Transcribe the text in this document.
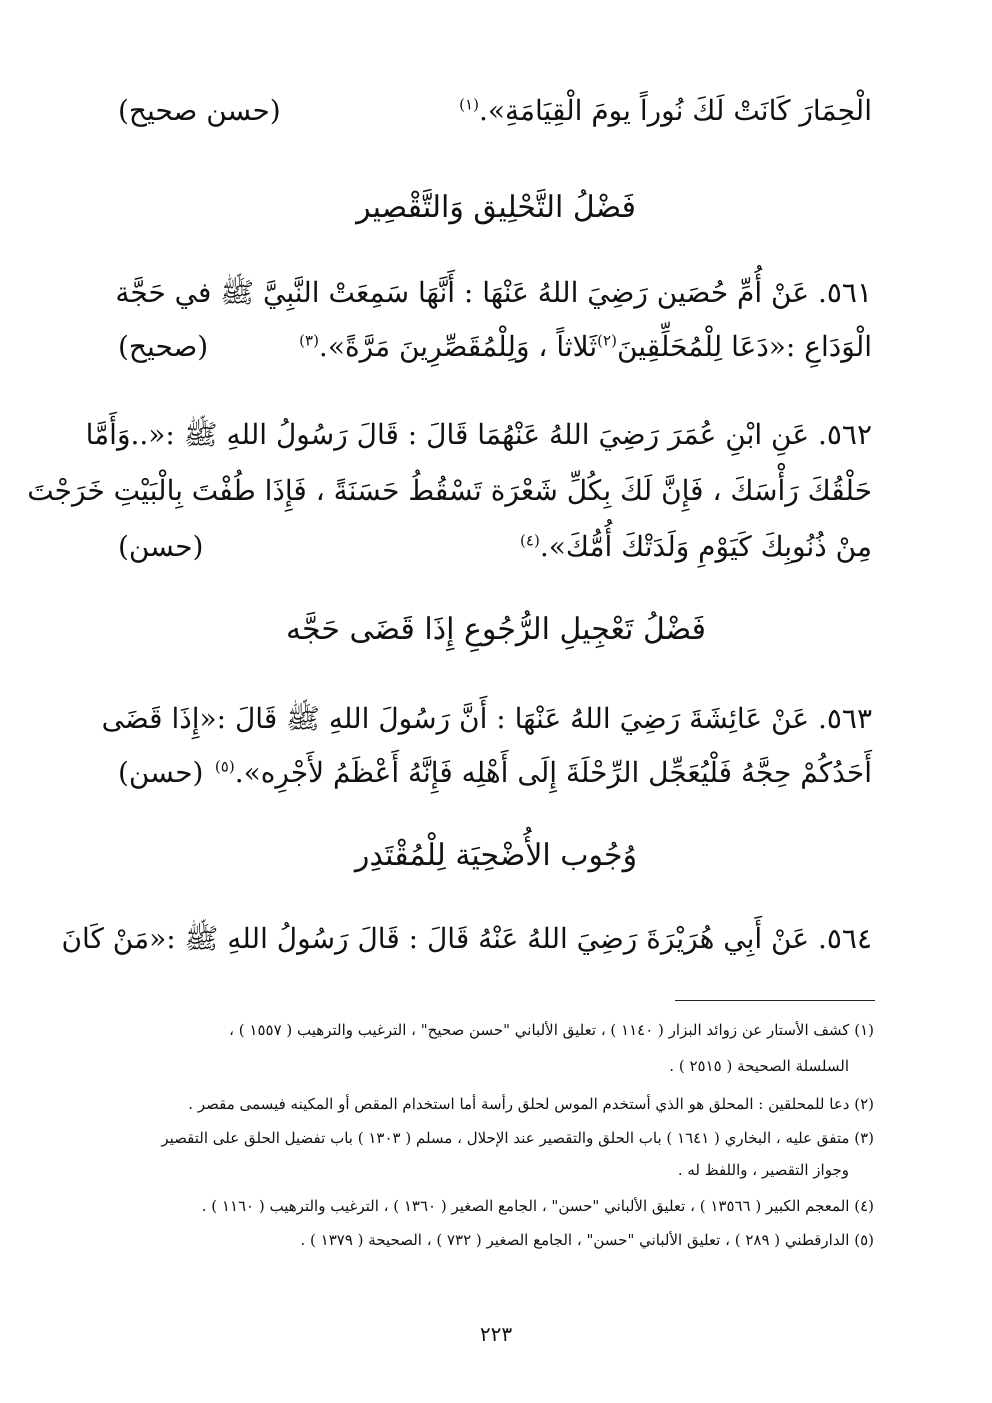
الْحِمَارَ كَانَتْ لَكَ نُوراً يومَ الْقِيَامَةِ».$^{(١)}$
(حسن صحيح)
فَضْلُ التَّحْلِيق وَالتَّقْصِير
٥٦١. عَنْ أُمِّ حُصَين رَضِيَ اللهُ عَنْهَا : أَنَّهَا سَمِعَتْ النَّبِيَّ ﷺ في حَجَّة
الْوَدَاعِ :«دَعَا لِلْمُحَلِّقِينَ$^{(٢)}$ثَلاثاً ، وَلِلْمُقَصِّرِينَ مَرَّةً».$^{(٣)}$
(صحيح)
٥٦٢. عَنِ ابْنِ عُمَرَ رَضِيَ اللهُ عَنْهُمَا قَالَ : قَالَ رَسُولُ اللهِ ﷺ :«..وَأَمَّا
حَلْقُكَ رَأْسَكَ ، فَإِنَّ لَكَ بِكُلِّ شَعْرَة تَسْقُطُ حَسَنَةً ، فَإِذَا طُفْتَ بِالْبَيْتِ خَرَجْتَ
مِنْ ذُنُوبِكَ كَيَوْمِ وَلَدَتْكَ أُمُّكَ».$^{(٤)}$
(حسن)
فَضْلُ تَعْجِيلِ الرُّجُوعِ إِذَا قَضَى حَجَّه
٥٦٣. عَنْ عَائِشَةَ رَضِيَ اللهُ عَنْهَا : أَنَّ رَسُولَ اللهِ ﷺ قَالَ :«إِذَا قَضَى
أَحَدُكُمْ حِجَّهُ فَلْيُعَجِّل الرِّحْلَةَ إِلَى أَهْلِه فَإِنَّهُ أَعْظَمُ لأَجْرِه».$^{(٥)}$
(حسن)
وُجُوب الأُضْحِيَة لِلْمُقْتَدِر
٥٦٤. عَنْ أَبِي هُرَيْرَةَ رَضِيَ اللهُ عَنْهُ قَالَ : قَالَ رَسُولُ اللهِ ﷺ :«مَنْ كَانَ
(١) كشف الأستار عن زوائد البزار ( ١١٤٠ ) ، تعليق الألباني "حسن صحيح" ، الترغيب والترهيب ( ١٥٥٧ ) ،
السلسلة الصحيحة ( ٢٥١٥ ) .
(٢) دعا للمحلقين : المحلق هو الذي أستخدم الموس لحلق رأسة أما استخدام المقص أو المكينه فيسمى مقصر .
(٣) متفق عليه ، البخاري ( ١٦٤١ ) باب الحلق والتقصير عند الإحلال ، مسلم ( ١٣٠٣ ) باب تفضيل الحلق على التقصير
وجواز التقصير ، واللفظ له .
(٤) المعجم الكبير ( ١٣٥٦٦ ) ، تعليق الألباني "حسن" ، الجامع الصغير ( ١٣٦٠ ) ، الترغيب والترهيب ( ١١٦٠ ) .
(٥) الدارقطني ( ٢٨٩ ) ، تعليق الألباني "حسن" ، الجامع الصغير ( ٧٣٢ ) ، الصحيحة ( ١٣٧٩ ) .
٢٢٣
